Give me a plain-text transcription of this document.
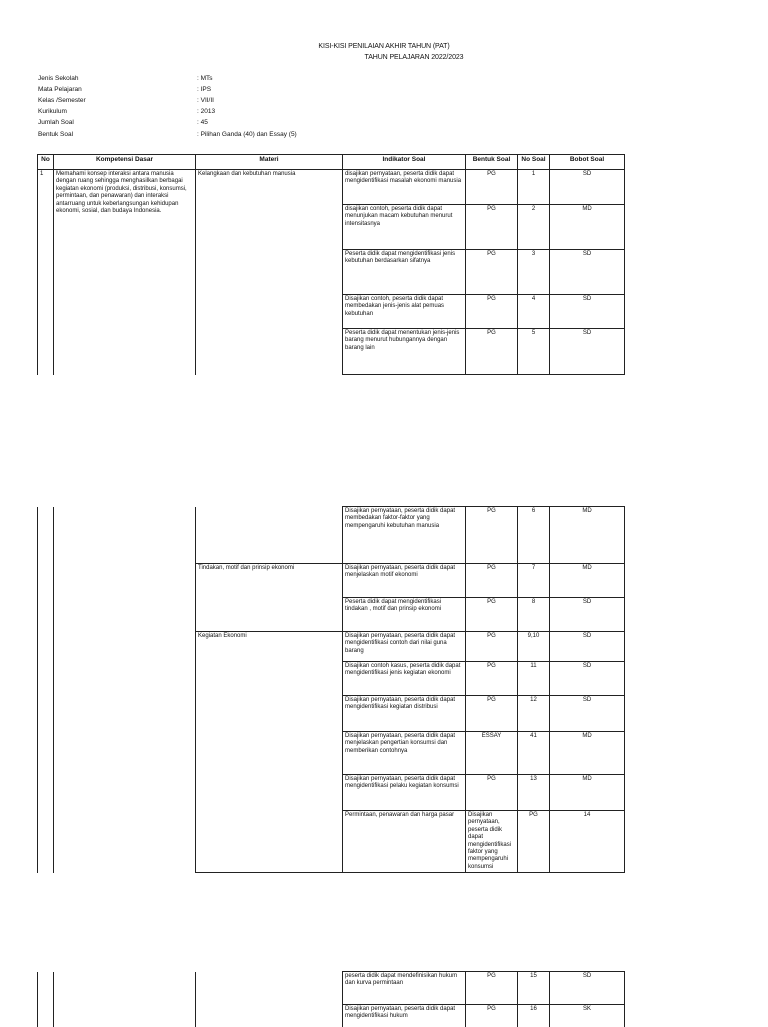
KISI-KISI PENILAIAN AKHIR TAHUN (PAT)
TAHUN PELAJARAN 2022/2023
Jenis Sekolah	: MTs
Mata Pelajaran	: IPS
Kelas /Semester	: VII/II
Kurikulum	: 2013
Jumlah Soal	: 45
Bentuk Soal	: Pilihan Ganda (40) dan Essay (5)
No	Kompetensi Dasar	Materi	Indikator Soal	Bentuk Soal	No Soal	Bobot Soal
1	Memahami konsep interaksi antara manusia dengan ruang sehingga menghasilkan berbagai kegiatan ekonomi (produksi, distribusi, konsumsi, permintaan, dan penawaran) dan interaksi antarruang untuk keberlangsungan kehidupan ekonomi, sosial, dan budaya Indonesia.	Kelangkaan dan kebutuhan manusia	disajikan pernyataan, peserta didik dapat mengidentifikasi masalah ekonomi manusia	PG	1	SD
			disajikan contoh, peserta didik dapat menunjukan macam kebutuhan menurut intensitasnya	PG	2	MD
			Peserta didik dapat mengidentifikasi jenis kebutuhan berdasarkan sifatnya	PG	3	SD
			Disajikan contoh, peserta didik dapat membedakan jenis-jenis alat pemuas kebutuhan	PG	4	SD
			Peserta didik dapat menentukan jenis-jenis barang menurut hubungannya dengan barang lain	PG	5	SD
			Disajikan pernyataan, peserta didik dapat membedakan faktor-faktor yang mempengaruhi kebutuhan manusia	PG	6	MD	
		Tindakan, motif dan prinsip ekonomi	Disajikan pernyataan, peserta didik dapat menjelaskan motif ekonomi	PG	7	MD	
			Peserta didik dapat mengidentifikasi tindakan , motif dan prinsip ekonomi	PG	8	SD	
		Kegiatan Ekonomi	Disajikan pernyataan, peserta didik dapat mengidentifikasi contoh dari nilai guna barang	PG	9,10	SD	
			Disajikan contoh kasus, peserta didik dapat mengidentifikasi jenis kegiatan ekonomi	PG	11	SD	
			Disajikan pernyataan, peserta didik dapat mengidentifikasi kegiatan distribusi	PG	12	SD	
			Disajikan pernyataan, peserta didik dapat menjelaskan pengertian konsumsi dan memberikan contohnya	ESSAY	41	MD	
			Disajikan pernyataan, peserta didik dapat mengidentifikasi pelaku kegiatan konsumsi	PG	13	MD	
			Permintaan, penawaran dan harga pasar	Disajikan pernyataan, peserta didik dapat mengidentifikasi faktor yang mempengaruhi konsumsi	PG	14	
			peserta didik dapat mendefinisikan hukum dan kurva permintaan	PG	15	SD
			Disajikan pernyataan, peserta didik dapat mengidentifikasi hukum	PG	16	SK
